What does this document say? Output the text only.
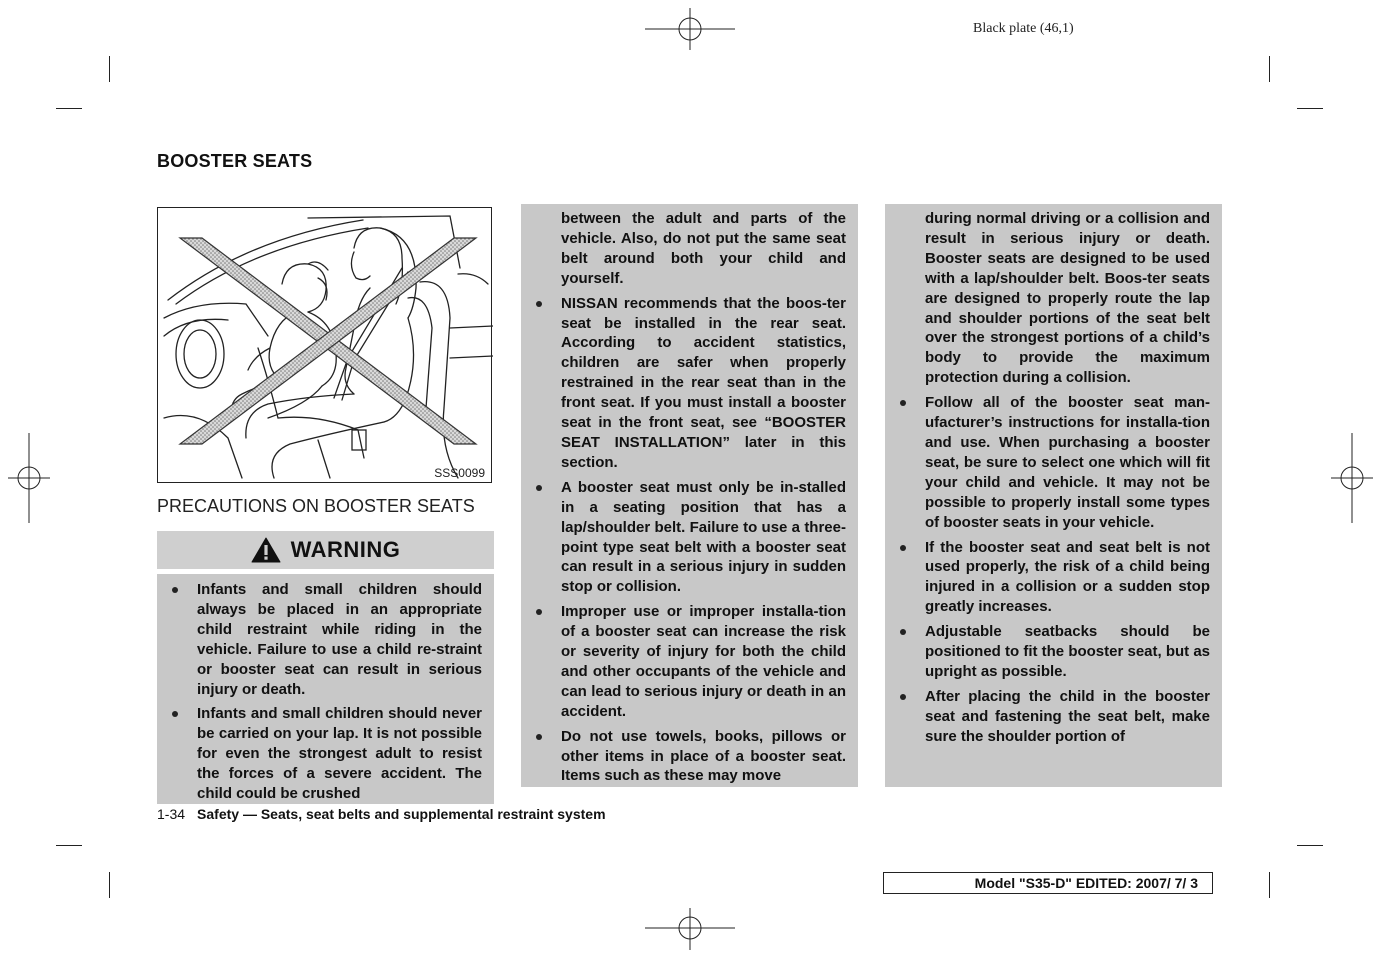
Black plate (46,1)
BOOSTER SEATS
SSS0099
PRECAUTIONS ON BOOSTER SEATS
WARNING
Infants and small children should always be placed in an appropriate child restraint while riding in the vehicle. Failure to use a child re-straint or booster seat can result in serious injury or death.
Infants and small children should never be carried on your lap. It is not possible for even the strongest adult to resist the forces of a severe accident. The child could be crushed
between the adult and parts of the vehicle. Also, do not put the same seat belt around both your child and yourself.
NISSAN recommends that the boos-ter seat be installed in the rear seat. According to accident statistics, children are safer when properly restrained in the rear seat than in the front seat. If you must install a booster seat in the front seat, see “BOOSTER SEAT INSTALLATION” later in this section.
A booster seat must only be in-stalled in a seating position that has a lap/shoulder belt. Failure to use a three-point type seat belt with a booster seat can result in a serious injury in sudden stop or collision.
Improper use or improper installa-tion of a booster seat can increase the risk or severity of injury for both the child and other occupants of the vehicle and can lead to serious injury or death in an accident.
Do not use towels, books, pillows or other items in place of a booster seat. Items such as these may move
during normal driving or a collision and result in serious injury or death. Booster seats are designed to be used with a lap/shoulder belt. Boos-ter seats are designed to properly route the lap and shoulder portions of the seat belt over the strongest portions of a child’s body to provide the maximum protection during a collision.
Follow all of the booster seat man-ufacturer’s instructions for installa-tion and use. When purchasing a booster seat, be sure to select one which will fit your child and vehicle. It may not be possible to properly install some types of booster seats in your vehicle.
If the booster seat and seat belt is not used properly, the risk of a child being injured in a collision or a sudden stop greatly increases.
Adjustable seatbacks should be positioned to fit the booster seat, but as upright as possible.
After placing the child in the booster seat and fastening the seat belt, make sure the shoulder portion of
1-34 Safety — Seats, seat belts and supplemental restraint system
Model "S35-D" EDITED: 2007/ 7/ 3
